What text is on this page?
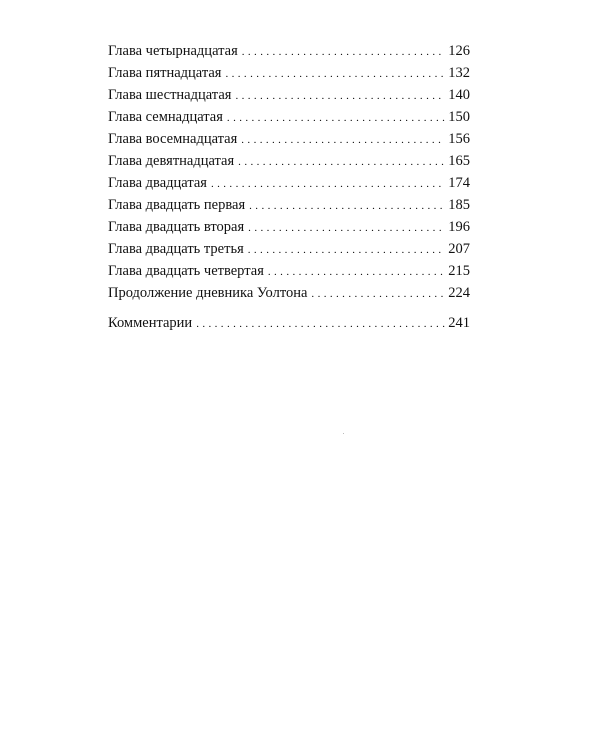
Глава четырнадцатая .....	126
Глава пятнадцатая .....	132
Глава шестнадцатая .....	140
Глава семнадцатая .....	150
Глава восемнадцатая .....	156
Глава девятнадцатая .....	165
Глава двадцатая .....	174
Глава двадцать первая .....	185
Глава двадцать вторая .....	196
Глава двадцать третья .....	207
Глава двадцать четвертая .....	215
Продолжение дневника Уолтона .....	224
Комментарии .....	241
